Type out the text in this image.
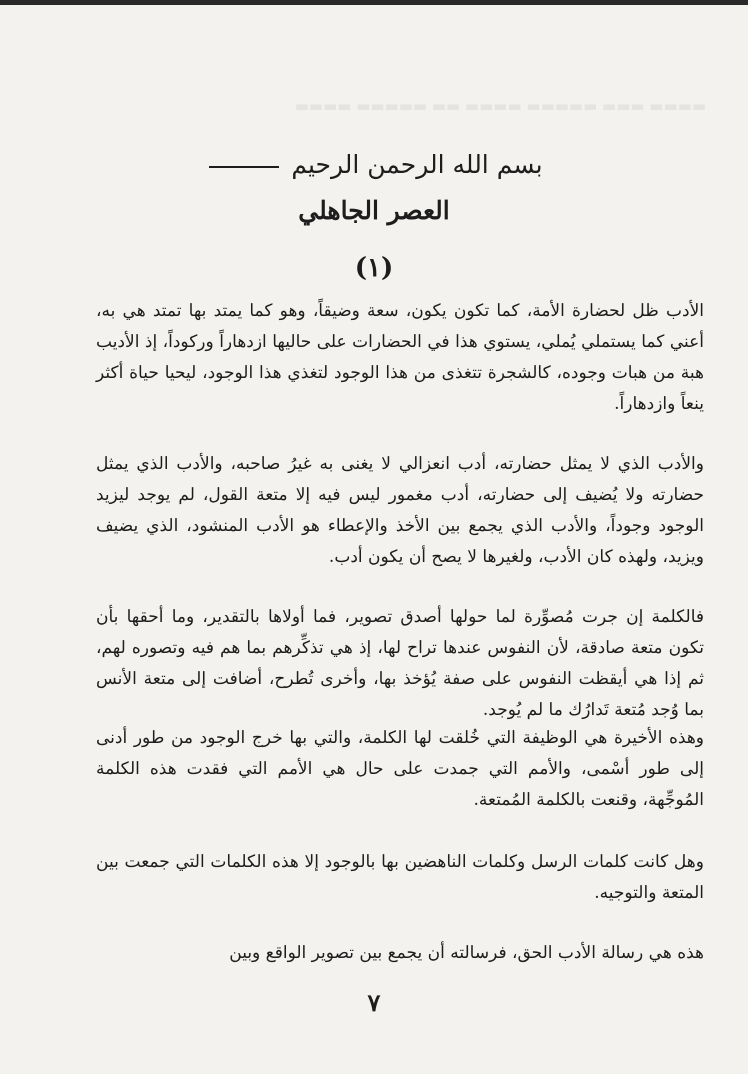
▬▬▬▬ ▬▬▬ ▬▬▬▬▬ ▬▬▬▬ ▬▬ ▬▬▬▬▬ ▬▬▬▬
بسم الله الرحمن الرحيم
العصر الجاهلي
(١)

الأدب ظل لحضارة الأمة، كما تكون يكون، سعة وضيقاً، وهو كما يمتد بها تمتد هي به، أعني كما يستملي يُملي، يستوي هذا في الحضارات على حاليها ازدهاراً وركوداً، إذ الأديب هبة من هبات وجوده، كالشجرة تتغذى من هذا الوجود لتغذي هذا الوجود، ليحيا حياة أكثر ينعاً وازدهاراً.

والأدب الذي لا يمثل حضارته، أدب انعزالي لا يغنى به غيرُ صاحبه، والأدب الذي يمثل حضارته ولا يُضيف إلى حضارته، أدب مغمور ليس فيه إلا متعة القول، لم يوجد ليزيد الوجود وجوداً، والأدب الذي يجمع بين الأخذ والإعطاء هو الأدب المنشود، الذي يضيف ويزيد، ولهذه كان الأدب، ولغيرها لا يصح أن يكون أدب.

فالكلمة إن جرت مُصوِّرة لما حولها أصدق تصوير، فما أولاها بالتقدير، وما أحقها بأن تكون متعة صادقة، لأن النفوس عندها تراح لها، إذ هي تذكِّرهم بما هم فيه وتصوره لهم، ثم إذا هي أيقظت النفوس على صفة يُؤخذ بها، وأخرى تُطرح، أضافت إلى متعة الأنس بما وُجد مُتعة تَدارُك ما لم يُوجد.

وهذه الأخيرة هي الوظيفة التي خُلقت لها الكلمة، والتي بها خرج الوجود من طور أدنى إلى طور أسْمى، والأمم التي جمدت على حال هي الأمم التي فقدت هذه الكلمة المُوجِّهة، وقنعت بالكلمة المُمتعة.

وهل كانت كلمات الرسل وكلمات الناهضين بها بالوجود إلا هذه الكلمات التي جمعت بين المتعة والتوجيه.

هذه هي رسالة الأدب الحق، فرسالته أن يجمع بين تصوير الواقع وبين

٧
